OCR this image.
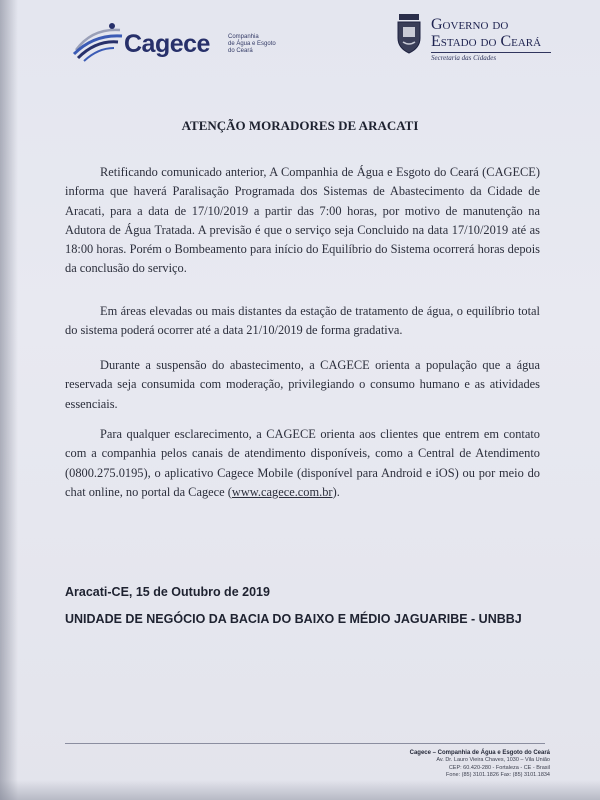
Cagece	Companhia
de Água e Esgoto
do Ceará
Governo do
Estado do Ceará
Secretaria das Cidades
ATENÇÃO MORADORES DE ARACATI

Retificando comunicado anterior, A Companhia de Água e Esgoto do Ceará (CAGECE) informa que haverá Paralisação Programada dos Sistemas de Abastecimento da Cidade de Aracati, para a data de 17/10/2019 a partir das 7:00 horas, por motivo de manutenção na Adutora de Água Tratada. A previsão é que o serviço seja Concluido na data 17/10/2019 até as 18:00 horas. Porém o Bombeamento para início do Equilíbrio do Sistema ocorrerá horas depois da conclusão do serviço.

Em áreas elevadas ou mais distantes da estação de tratamento de água, o equilíbrio total do sistema poderá ocorrer até a data 21/10/2019 de forma gradativa.

Durante a suspensão do abastecimento, a CAGECE orienta a população que a água reservada seja consumida com moderação, privilegiando o consumo humano e as atividades essenciais.

Para qualquer esclarecimento, a CAGECE orienta aos clientes que entrem em contato com a companhia pelos canais de atendimento disponíveis, como a Central de Atendimento (0800.275.0195), o aplicativo Cagece Mobile (disponível para Android e iOS) ou por meio do chat online, no portal da Cagece (www.cagece.com.br).

Aracati-CE, 15 de Outubro de 2019
UNIDADE DE NEGÓCIO DA BACIA DO BAIXO E MÉDIO JAGUARIBE - UNBBJ
Cagece – Companhia de Água e Esgoto do Ceará
Av. Dr. Lauro Vieira Chaves, 1030 – Vila União
CEP: 60.420-280 - Fortaleza - CE - Brasil
Fone: (85) 3101.1826 Fax: (85) 3101.1834
